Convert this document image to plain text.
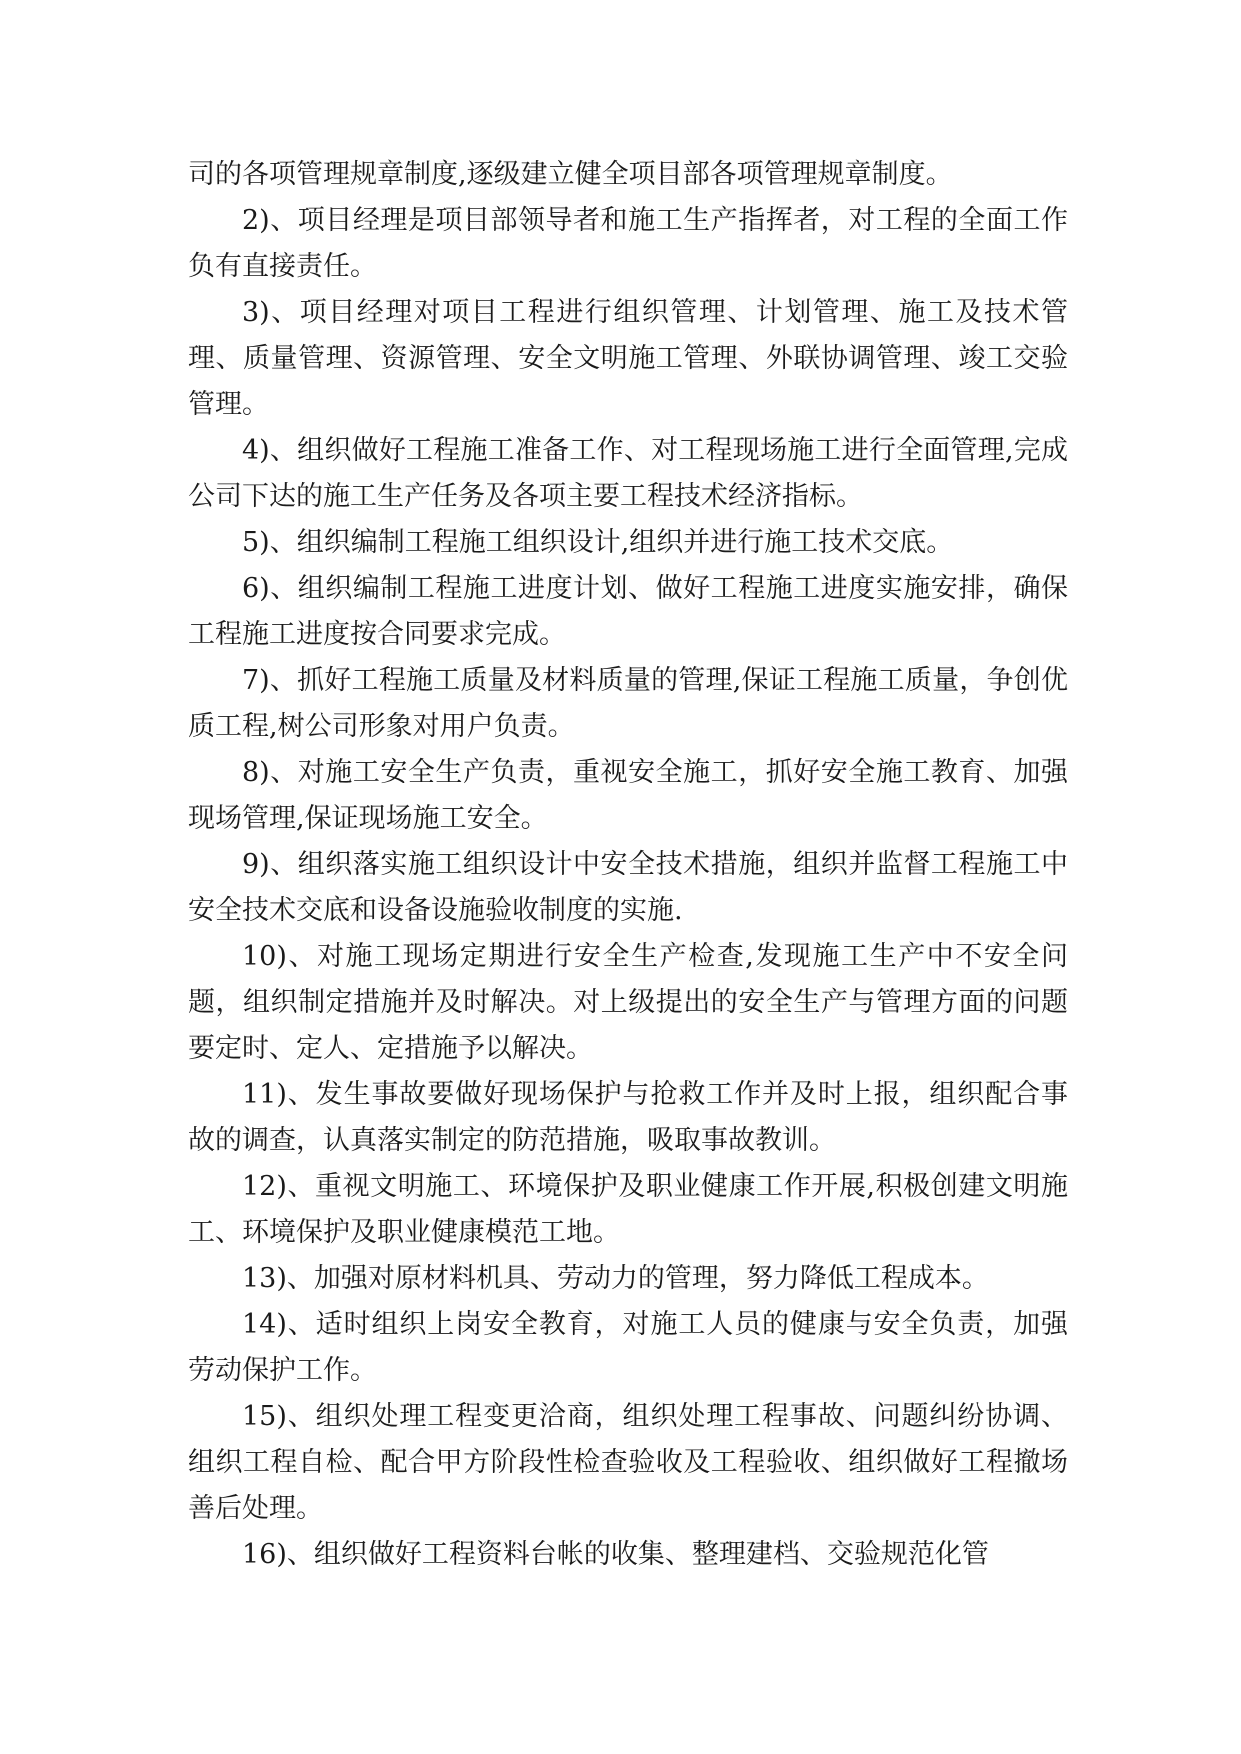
司的各项管理规章制度,逐级建立健全项目部各项管理规章制度。

2)、项目经理是项目部领导者和施工生产指挥者，对工程的全面工作负有直接责任。

3)、项目经理对项目工程进行组织管理、计划管理、施工及技术管理、质量管理、资源管理、安全文明施工管理、外联协调管理、竣工交验管理。

4)、组织做好工程施工准备工作、对工程现场施工进行全面管理,完成公司下达的施工生产任务及各项主要工程技术经济指标。

5)、组织编制工程施工组织设计,组织并进行施工技术交底。

6)、组织编制工程施工进度计划、做好工程施工进度实施安排，确保工程施工进度按合同要求完成。

7)、抓好工程施工质量及材料质量的管理,保证工程施工质量，争创优质工程,树公司形象对用户负责。

8)、对施工安全生产负责，重视安全施工，抓好安全施工教育、加强现场管理,保证现场施工安全。

9)、组织落实施工组织设计中安全技术措施，组织并监督工程施工中安全技术交底和设备设施验收制度的实施.

10)、对施工现场定期进行安全生产检查,发现施工生产中不安全问题，组织制定措施并及时解决。对上级提出的安全生产与管理方面的问题要定时、定人、定措施予以解决。

11)、发生事故要做好现场保护与抢救工作并及时上报，组织配合事故的调查，认真落实制定的防范措施，吸取事故教训。

12)、重视文明施工、环境保护及职业健康工作开展,积极创建文明施工、环境保护及职业健康模范工地。

13)、加强对原材料机具、劳动力的管理，努力降低工程成本。

14)、适时组织上岗安全教育，对施工人员的健康与安全负责，加强劳动保护工作。

15)、组织处理工程变更洽商，组织处理工程事故、问题纠纷协调、组织工程自检、配合甲方阶段性检查验收及工程验收、组织做好工程撤场善后处理。

16)、组织做好工程资料台帐的收集、整理建档、交验规范化管
